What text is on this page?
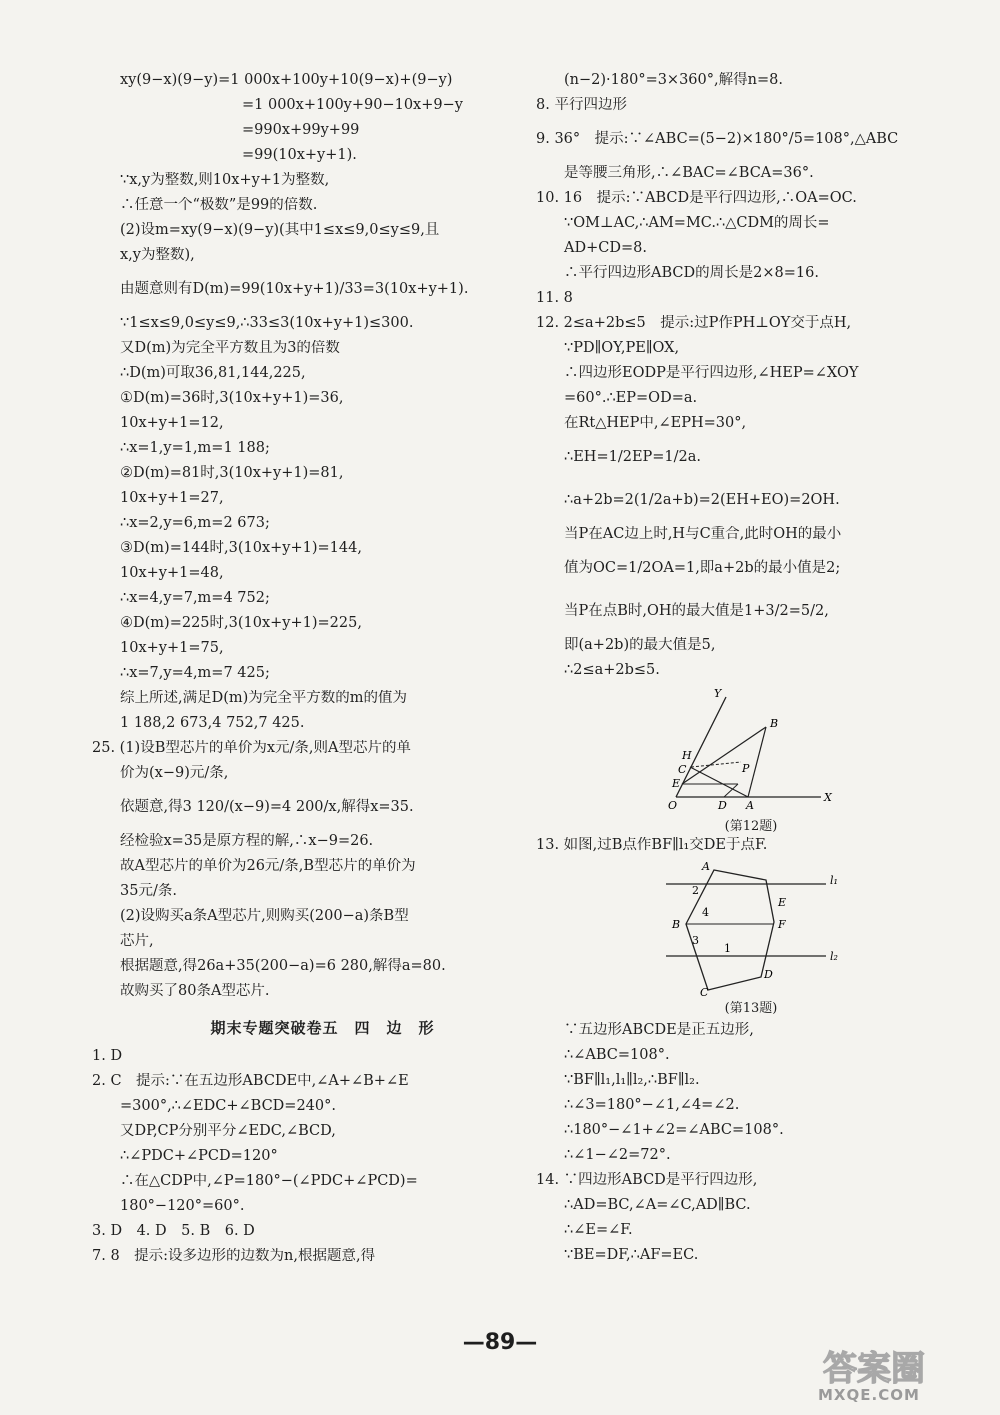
xy(9−x)(9−y)=1 000x+100y+10(9−x)+(9−y)
=1 000x+100y+90−10x+9−y
=990x+99y+99
=99(10x+y+1).
∵x,y为整数,则10x+y+1为整数,
∴任意一个“极数”是99的倍数.
(2)设m=xy(9−x)(9−y)(其中1≤x≤9,0≤y≤9,且
x,y为整数),
由题意则有D(m)=99(10x+y+1)/33=3(10x+y+1).
∵1≤x≤9,0≤y≤9,∴33≤3(10x+y+1)≤300.
又D(m)为完全平方数且为3的倍数
∴D(m)可取36,81,144,225,
①D(m)=36时,3(10x+y+1)=36,
10x+y+1=12,
∴x=1,y=1,m=1 188;
②D(m)=81时,3(10x+y+1)=81,
10x+y+1=27,
∴x=2,y=6,m=2 673;
③D(m)=144时,3(10x+y+1)=144,
10x+y+1=48,
∴x=4,y=7,m=4 752;
④D(m)=225时,3(10x+y+1)=225,
10x+y+1=75,
∴x=7,y=4,m=7 425;
综上所述,满足D(m)为完全平方数的m的值为
1 188,2 673,4 752,7 425.
25. (1)设B型芯片的单价为x元/条,则A型芯片的单
价为(x−9)元/条,
依题意,得3 120/(x−9)=4 200/x,解得x=35.
经检验x=35是原方程的解,∴x−9=26.
故A型芯片的单价为26元/条,B型芯片的单价为
35元/条.
(2)设购买a条A型芯片,则购买(200−a)条B型
芯片,
根据题意,得26a+35(200−a)=6 280,解得a=80.
故购买了80条A型芯片.
期末专题突破卷五　四　边　形
1. D
2. C　提示:∵在五边形ABCDE中,∠A+∠B+∠E
=300°,∴∠EDC+∠BCD=240°.
又DP,CP分别平分∠EDC,∠BCD,
∴∠PDC+∠PCD=120°
∴在△CDP中,∠P=180°−(∠PDC+∠PCD)=
180°−120°=60°.
3. D　4. D　5. B　6. D
7. 8　提示:设多边形的边数为n,根据题意,得
(n−2)·180°=3×360°,解得n=8.
8. 平行四边形
9. 36°　提示:∵∠ABC=(5−2)×180°/5=108°,△ABC
是等腰三角形,∴∠BAC=∠BCA=36°.
10. 16　提示:∵ABCD是平行四边形,∴OA=OC.
∵OM⊥AC,∴AM=MC.∴△CDM的周长=
AD+CD=8.
∴平行四边形ABCD的周长是2×8=16.
11. 8
12. 2≤a+2b≤5　提示:过P作PH⊥OY交于点H,
∵PD∥OY,PE∥OX,
∴四边形EODP是平行四边形,∠HEP=∠XOY
=60°.∴EP=OD=a.
在Rt△HEP中,∠EPH=30°,
∴EH=1/2EP=1/2a.
∴a+2b=2(1/2a+b)=2(EH+EO)=2OH.
当P在AC边上时,H与C重合,此时OH的最小
值为OC=1/2OA=1,即a+2b的最小值是2;
当P在点B时,OH的最大值是1+3/2=5/2,
即(a+2b)的最大值是5,
∴2≤a+2b≤5.
Y
B
H
C	P
E
O	D A
X
(第12题)
13. 如图,过B点作BF∥l₁交DE于点F.
A
2
l₁
4
E
B	F
3
1
D
l₂
C
(第13题)
∵五边形ABCDE是正五边形,
∴∠ABC=108°.
∵BF∥l₁,l₁∥l₂,∴BF∥l₂.
∴∠3=180°−∠1,∠4=∠2.
∴180°−∠1+∠2=∠ABC=108°.
∴∠1−∠2=72°.
14. ∵四边形ABCD是平行四边形,
∴AD=BC,∠A=∠C,AD∥BC.
∴∠E=∠F.
∵BE=DF,∴AF=EC.
—89—
答案圈
MXQE.COM
